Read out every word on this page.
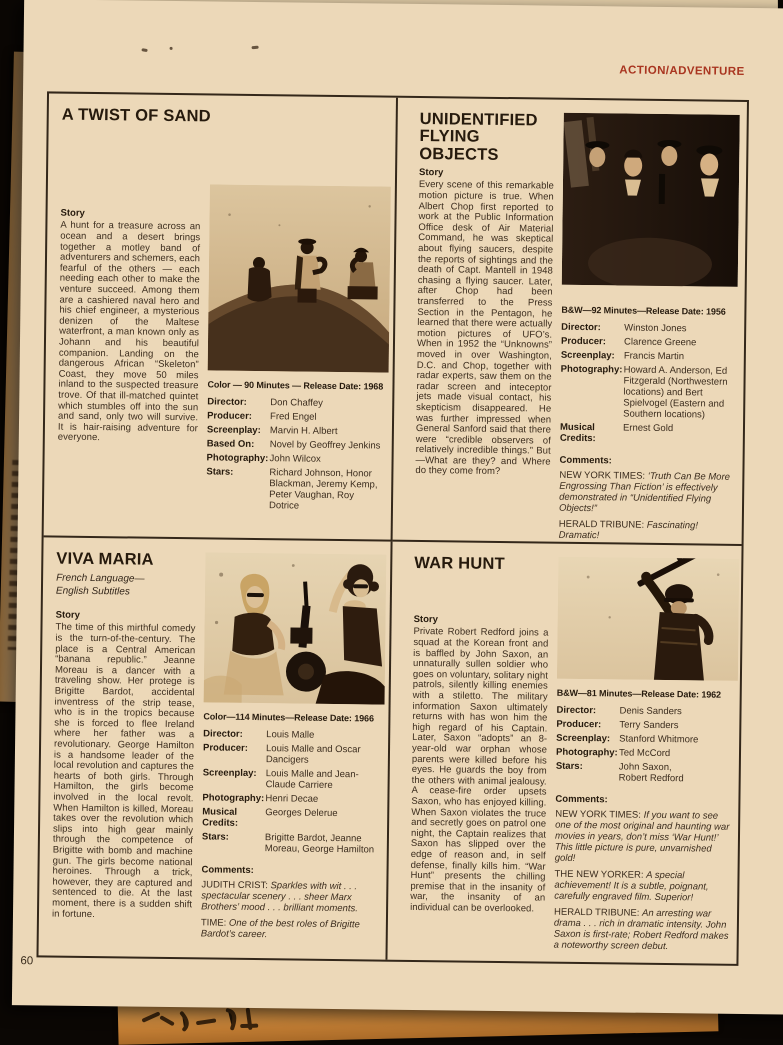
ACTION/ADVENTURE
60
A TWIST OF SAND
Story

A hunt for a treasure across an ocean and a desert brings together a motley band of adventurers and schemers, each fearful of the others — each needing each other to make the venture succeed. Among them are a cashiered naval hero and his chief engineer, a mysterious denizen of the Maltese waterfront, a man known only as Johann and his beautiful companion. Landing on the dangerous African “Skeleton” Coast, they move 50 miles inland to the suspected treasure trove. Of that ill-matched quintet which stumbles off into the sun and sand, only two will survive. It is hair-raising adventure for everyone.

Color — 90 Minutes — Release Date: 1968
Director:	Don Chaffey
Producer:	Fred Engel
Screenplay: Marvin H. Albert
Based On:	Novel by Geoffrey Jenkins
Photography: John Wilcox
Stars:	Richard Johnson, Honor Blackman, Jeremy Kemp, Peter Vaughan, Roy Dotrice
UNIDENTIFIED FLYING OBJECTS
Story

Every scene of this remarkable motion picture is true. When Albert Chop first reported to work at the Public Information Office desk of Air Material Command, he was skeptical about flying saucers, despite the reports of sightings and the death of Capt. Mantell in 1948 chasing a flying saucer. Later, after Chop had been transferred to the Press Section in the Pentagon, he learned that there were actually motion pictures of UFO’s. When in 1952 the “Unknowns” moved in over Washington, D.C. and Chop, together with radar experts, saw them on the radar screen and inteceptor jets made visual contact, his skepticism disappeared. He was further impressed when General Sanford said that there were “credible observers of relatively incredible things.” But —What are they? and Where do they come from?

B&W—92 Minutes—Release Date: 1956
Director:	Winston Jones
Producer:	Clarence Greene
Screenplay: Francis Martin
Photography: Howard A. Anderson, Ed Fitzgerald (Northwestern locations) and Bert Spielvogel (Eastern and Southern locations)
Musical Credits:
Ernest Gold
Comments:

NEW YORK TIMES: ‘Truth Can Be More Engrossing Than Fiction’ is effectively demonstrated in “Unidentified Flying Objects!”

HERALD TRIBUNE: Fascinating! Dramatic!

VIVA MARIA
French Language—
English Subtitles
Story

The time of this mirthful comedy is the turn-of-the-century. The place is a Central American “banana republic.” Jeanne Moreau is a dancer with a traveling show. Her protege is Brigitte Bardot, accidental inventress of the strip tease, who is in the tropics because she is forced to flee Ireland where her father was a revolutionary. George Hamilton is a handsome leader of the local revolution and captures the hearts of both girls. Through Hamilton, the girls become involved in the local revolt. When Hamilton is killed, Moreau takes over the revolution which slips into high gear mainly through the competence of Brigitte with bomb and machine gun. The girls become national heroines. Through a trick, however, they are captured and sentenced to die. At the last moment, there is a sudden shift in fortune.

Color—114 Minutes—Release Date: 1966
Director:	Louis Malle
Producer:	Louis Malle and Oscar Dancigers
Screenplay: Louis Malle and Jean-Claude Carriere
Photography: Henri Decae
Musical Credits:
Georges Delerue
Stars:	Brigitte Bardot, Jeanne Moreau, George Hamilton
Comments:

JUDITH CRIST: Sparkles with wit . . . spectacular scenery . . . sheer Marx Brothers’ mood . . . brilliant moments.

TIME: One of the best roles of Brigitte Bardot’s career.

WAR HUNT
Story

Private Robert Redford joins a squad at the Korean front and is baffled by John Saxon, an unnaturally sullen soldier who goes on voluntary, solitary night patrols, silently killing enemies with a stiletto. The military information Saxon ultimately returns with has won him the high regard of his Captain. Later, Saxon “adopts” an 8-year-old war orphan whose parents were killed before his eyes. He guards the boy from the others with animal jealousy. A cease-fire order upsets Saxon, who has enjoyed killing. When Saxon violates the truce and secretly goes on patrol one night, the Captain realizes that Saxon has slipped over the edge of reason and, in self defense, finally kills him. “War Hunt” presents the chilling premise that in the insanity of war, the insanity of an individual can be overlooked.

B&W—81 Minutes—Release Date: 1962
Director:	Denis Sanders
Producer:	Terry Sanders
Screenplay: Stanford Whitmore
Photography: Ted McCord
Stars:	John Saxon,
Robert Redford
Comments:

NEW YORK TIMES: If you want to see one of the most original and haunting war movies in years, don’t miss ‘War Hunt!’ This little picture is pure, unvarnished gold!

THE NEW YORKER: A special achievement! It is a subtle, poignant, carefully engraved film. Superior!

HERALD TRIBUNE: An arresting war drama . . . rich in dramatic intensity. John Saxon is first-rate; Robert Redford makes a noteworthy screen debut.
